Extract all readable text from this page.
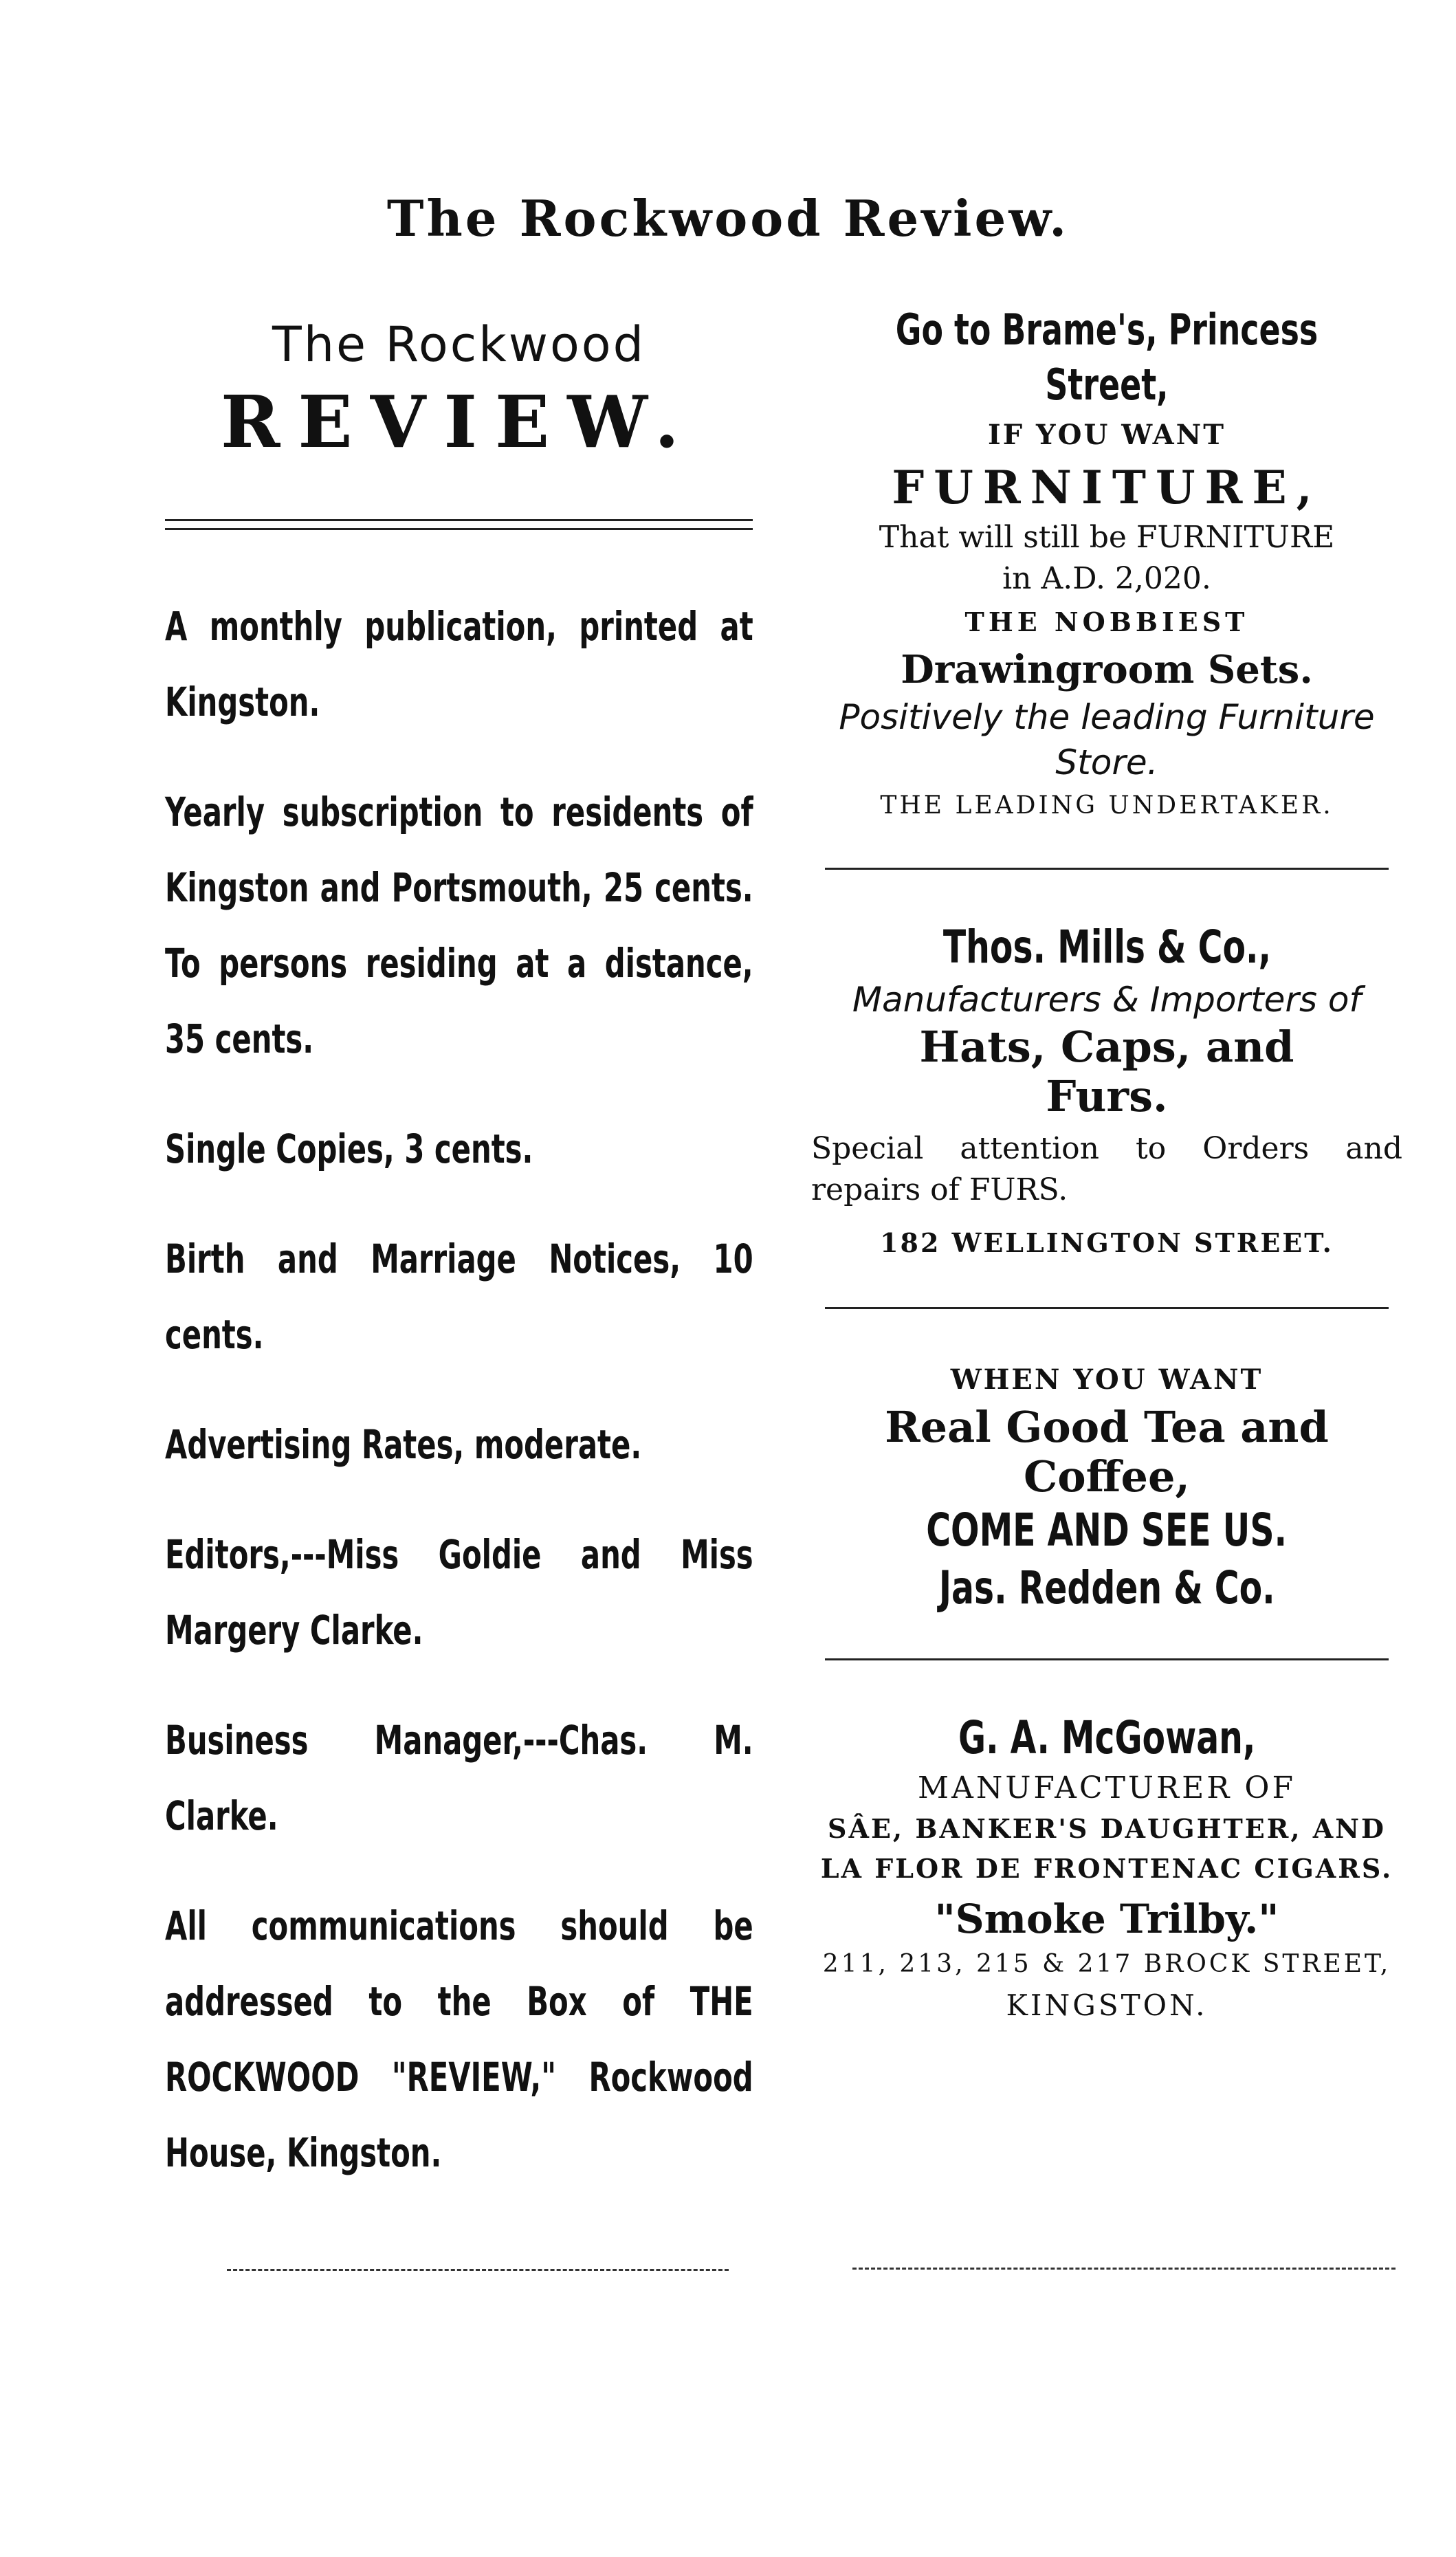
The Rockwood Review.
The Rockwood
REVIEW.

A monthly publication, printed at Kingston.

Yearly subscription to residents of Kingston and Portsmouth, 25 cents. To persons residing at a distance, 35 cents.

Single Copies, 3 cents.

Birth and Marriage Notices, 10 cents.

Advertising Rates, moderate.

Editors,---Miss Goldie and Miss Margery Clarke.

Business Manager,---Chas. M. Clarke.

All communications should be addressed to the Box of THE ROCKWOOD "REVIEW," Rockwood House, Kingston.

Go to Brame's, Princess Street,
IF YOU WANT
FURNITURE,
That will still be FURNITURE
in A.D. 2,020.
THE NOBBIEST
Drawingroom Sets.
Positively the leading Furniture Store.
THE LEADING UNDERTAKER.
Thos. Mills & Co.,
Manufacturers & Importers of
Hats, Caps, and Furs.
Special attention to Orders and repairs of FURS.
182 WELLINGTON STREET.
WHEN YOU WANT
Real Good Tea and Coffee,
COME AND SEE US.
Jas. Redden & Co.
G. A. McGowan,
MANUFACTURER OF
SÂE, BANKER'S DAUGHTER, AND LA FLOR DE FRONTENAC CIGARS.
"Smoke Trilby."
211, 213, 215 & 217 BROCK STREET,
KINGSTON.
